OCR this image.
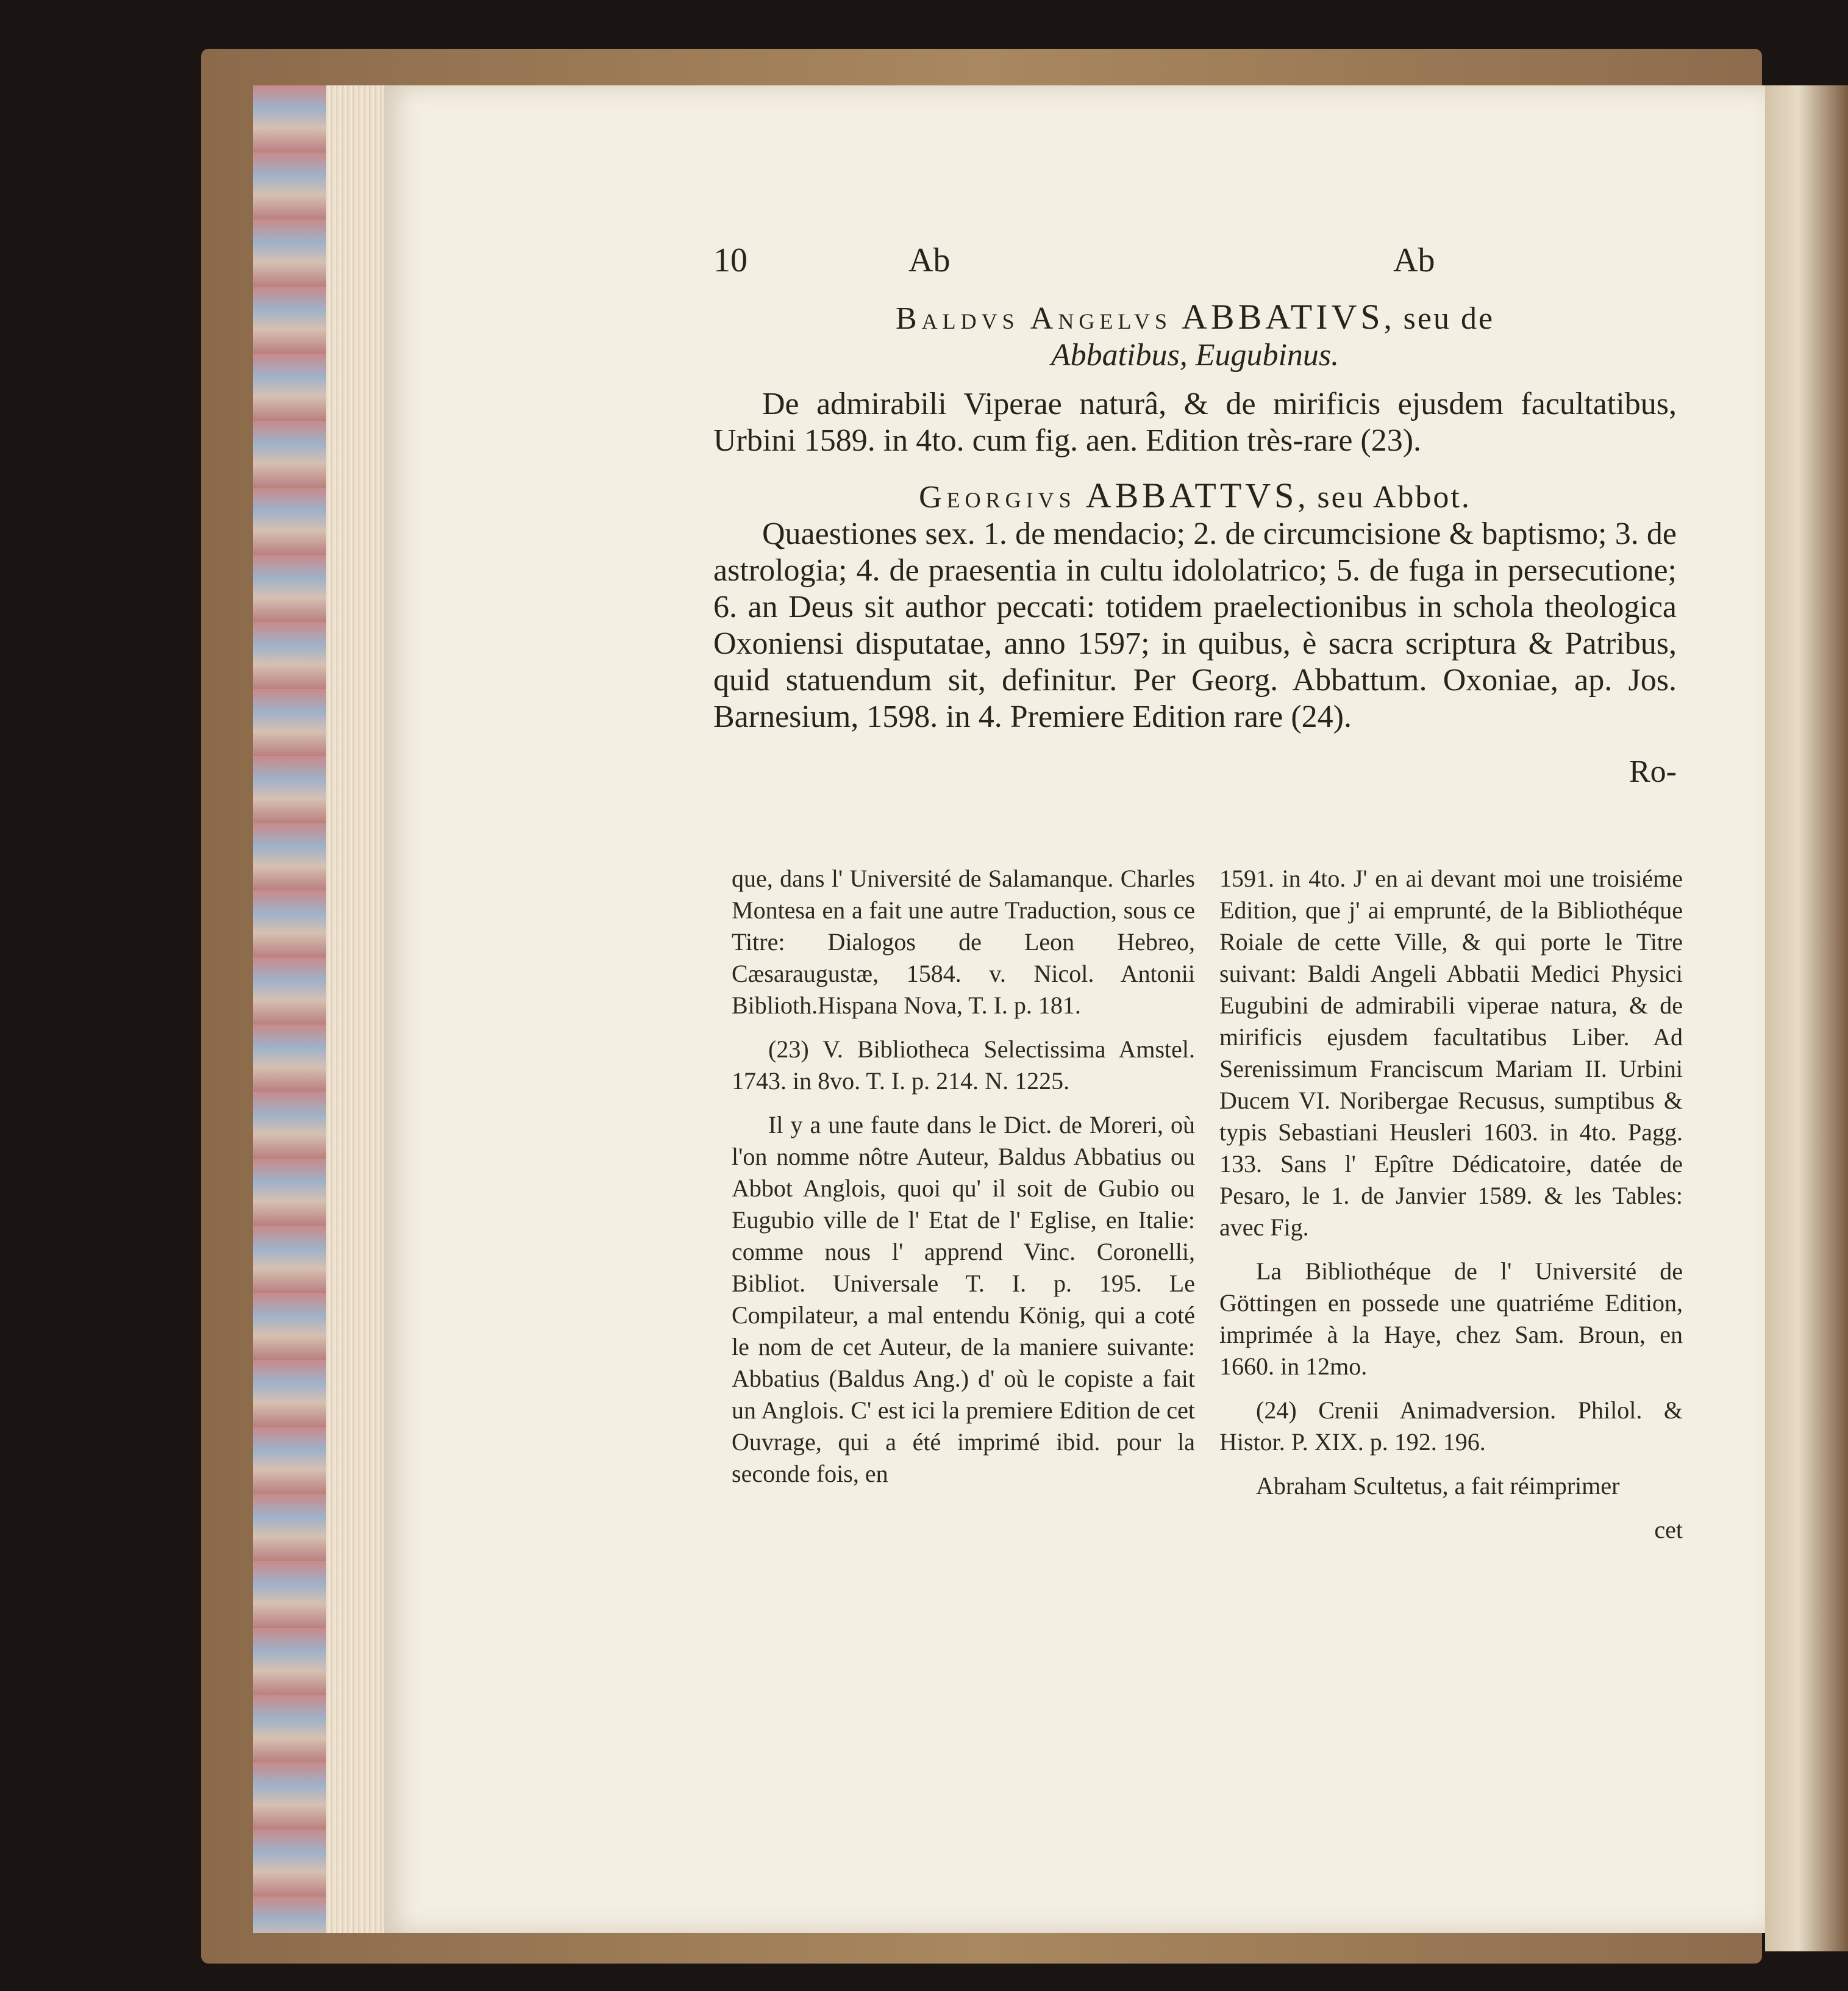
10	Ab	Ab

Baldvs Angelvs ABBATIVS, seu de

Abbatibus, Eugubinus.

De admirabili Viperae naturâ, & de mirificis ejusdem facultatibus, Urbini 1589. in 4to. cum fig. aen. Edition très-rare (23).

Georgivs ABBATTVS, seu Abbot.

Quaestiones sex. 1. de mendacio; 2. de circumcisione & baptismo; 3. de astrologia; 4. de praesentia in cultu idololatrico; 5. de fuga in persecutione; 6. an Deus sit author peccati: totidem praelectionibus in schola theologica Oxoniensi disputatae, anno 1597; in quibus, è sacra scriptura & Patribus, quid statuendum sit, definitur. Per Georg. Abbattum. Oxoniae, ap. Jos. Barnesium, 1598. in 4. Premiere Edition rare (24).

Ro-

que, dans l' Université de Salamanque. Charles Montesa en a fait une autre Traduction, sous ce Titre: Dialogos de Leon Hebreo, Cæsaraugustæ, 1584. v. Nicol. Antonii Biblioth.Hispana Nova, T. I. p. 181.

(23) V. Bibliotheca Selectissima Amstel. 1743. in 8vo. T. I. p. 214. N. 1225.

Il y a une faute dans le Dict. de Moreri, où l'on nomme nôtre Auteur, Baldus Abbatius ou Abbot Anglois, quoi qu' il soit de Gubio ou Eugubio ville de l' Etat de l' Eglise, en Italie: comme nous l' apprend Vinc. Coronelli, Bibliot. Universale T. I. p. 195. Le Compilateur, a mal entendu König, qui a coté le nom de cet Auteur, de la maniere suivante: Abbatius (Baldus Ang.) d' où le copiste a fait un Anglois. C' est ici la premiere Edition de cet Ouvrage, qui a été imprimé ibid. pour la seconde fois, en

1591. in 4to. J' en ai devant moi une troisiéme Edition, que j' ai emprunté, de la Bibliothéque Roiale de cette Ville, & qui porte le Titre suivant: Baldi Angeli Abbatii Medici Physici Eugubini de admirabili viperae natura, & de mirificis ejusdem facultatibus Liber. Ad Serenissimum Franciscum Mariam II. Urbini Ducem VI. Noribergae Recusus, sumptibus & typis Sebastiani Heusleri 1603. in 4to. Pagg. 133. Sans l' Epître Dédicatoire, datée de Pesaro, le 1. de Janvier 1589. & les Tables: avec Fig.

La Bibliothéque de l' Université de Göttingen en possede une quatriéme Edition, imprimée à la Haye, chez Sam. Broun, en 1660. in 12mo.

(24) Crenii Animadversion. Philol. & Histor. P. XIX. p. 192. 196.

Abraham Scultetus, a fait réimprimer

cet
